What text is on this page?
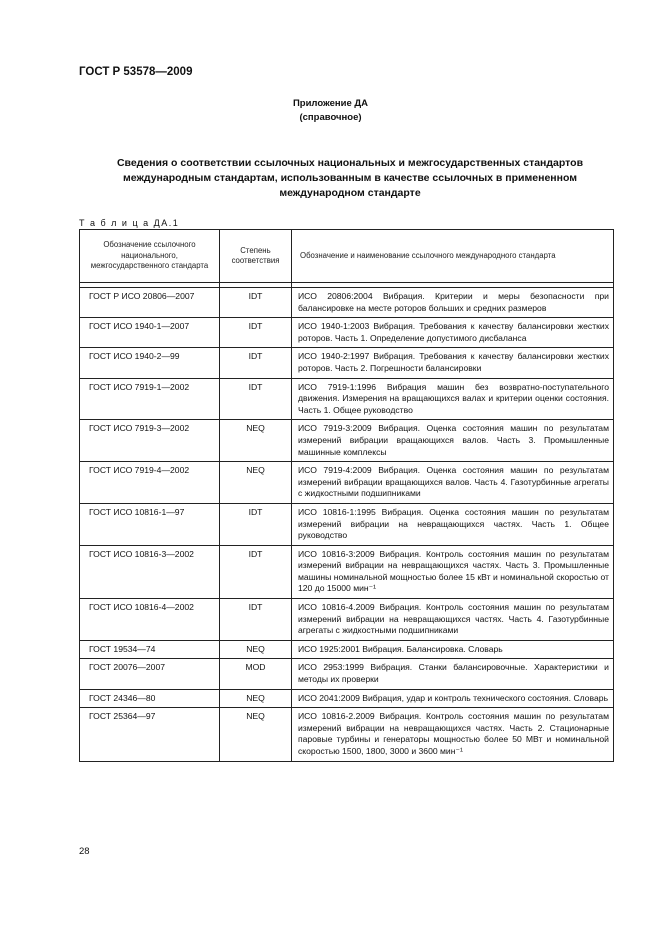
ГОСТ Р 53578—2009
Приложение ДА
(справочное)
Сведения о соответствии ссылочных национальных и межгосударственных стандартов международным стандартам, использованным в качестве ссылочных в примененном международном стандарте
Т а б л и ц а ДА.1
Обозначение ссылочного национального, межгосударственного стандарта	Степень соответствия	Обозначение и наименование ссылочного международного стандарта

ГОСТ Р ИСО 20806—2007	IDT	ИСО 20806:2004 Вибрация. Критерии и меры безопасности при балансировке на месте роторов больших и средних размеров
ГОСТ ИСО 1940-1—2007	IDT	ИСО 1940-1:2003 Вибрация. Требования к качеству балансировки жестких роторов. Часть 1. Определение допустимого дисбаланса
ГОСТ ИСО 1940-2—99	IDT	ИСО 1940-2:1997 Вибрация. Требования к качеству балансировки жестких роторов. Часть 2. Погрешности балансировки
ГОСТ ИСО 7919-1—2002	IDT	ИСО 7919-1:1996 Вибрация машин без возвратно-поступательного движения. Измерения на вращающихся валах и критерии оценки состояния. Часть 1. Общее руководство
ГОСТ ИСО 7919-3—2002	NEQ	ИСО 7919-3:2009 Вибрация. Оценка состояния машин по результатам измерений вибрации вращающихся валов. Часть 3. Промышленные машинные комплексы
ГОСТ ИСО 7919-4—2002	NEQ	ИСО 7919-4:2009 Вибрация. Оценка состояния машин по результатам измерений вибрации вращающихся валов. Часть 4. Газотурбинные агрегаты с жидкостными подшипниками
ГОСТ ИСО 10816-1—97	IDT	ИСО 10816-1:1995 Вибрация. Оценка состояния машин по результатам измерений вибрации на невращающихся частях. Часть 1. Общее руководство
ГОСТ ИСО 10816-3—2002	IDT	ИСО 10816-3:2009 Вибрация. Контроль состояния машин по результатам измерений вибрации на невращающихся частях. Часть 3. Промышленные машины номинальной мощностью более 15 кВт и номинальной скоростью от 120 до 15000 мин⁻¹
ГОСТ ИСО 10816-4—2002	IDT	ИСО 10816-4.2009 Вибрация. Контроль состояния машин по результатам измерений вибрации на невращающихся частях. Часть 4. Газотурбинные агрегаты с жидкостными подшипниками
ГОСТ 19534—74	NEQ	ИСО 1925:2001 Вибрация. Балансировка. Словарь
ГОСТ 20076—2007	MOD	ИСО 2953:1999 Вибрация. Станки балансировочные. Характеристики и методы их проверки
ГОСТ 24346—80	NEQ	ИСО 2041:2009 Вибрация, удар и контроль технического состояния. Словарь
ГОСТ 25364—97	NEQ	ИСО 10816-2.2009 Вибрация. Контроль состояния машин по результатам измерений вибрации на невращающихся частях. Часть 2. Стационарные паровые турбины и генераторы мощностью более 50 МВт и номинальной скоростью 1500, 1800, 3000 и 3600 мин⁻¹
28
